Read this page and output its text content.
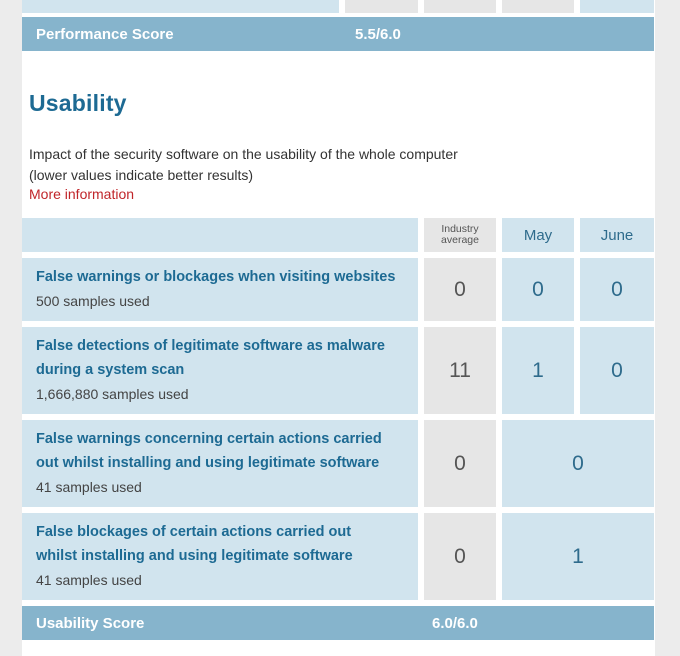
Performance Score	5.5/6.0
Usability
Impact of the security software on the usability of the whole computer
(lower values indicate better results)
More information
Industry
average	May	June
False warnings or blockages when visiting websites
500 samples used
0	0	0
False detections of legitimate software as malware
during a system scan
1,666,880 samples used
11	1	0
False warnings concerning certain actions carried
out whilst installing and using legitimate software
41 samples used
0	0
False blockages of certain actions carried out
whilst installing and using legitimate software
41 samples used
0	1
Usability Score	6.0/6.0
